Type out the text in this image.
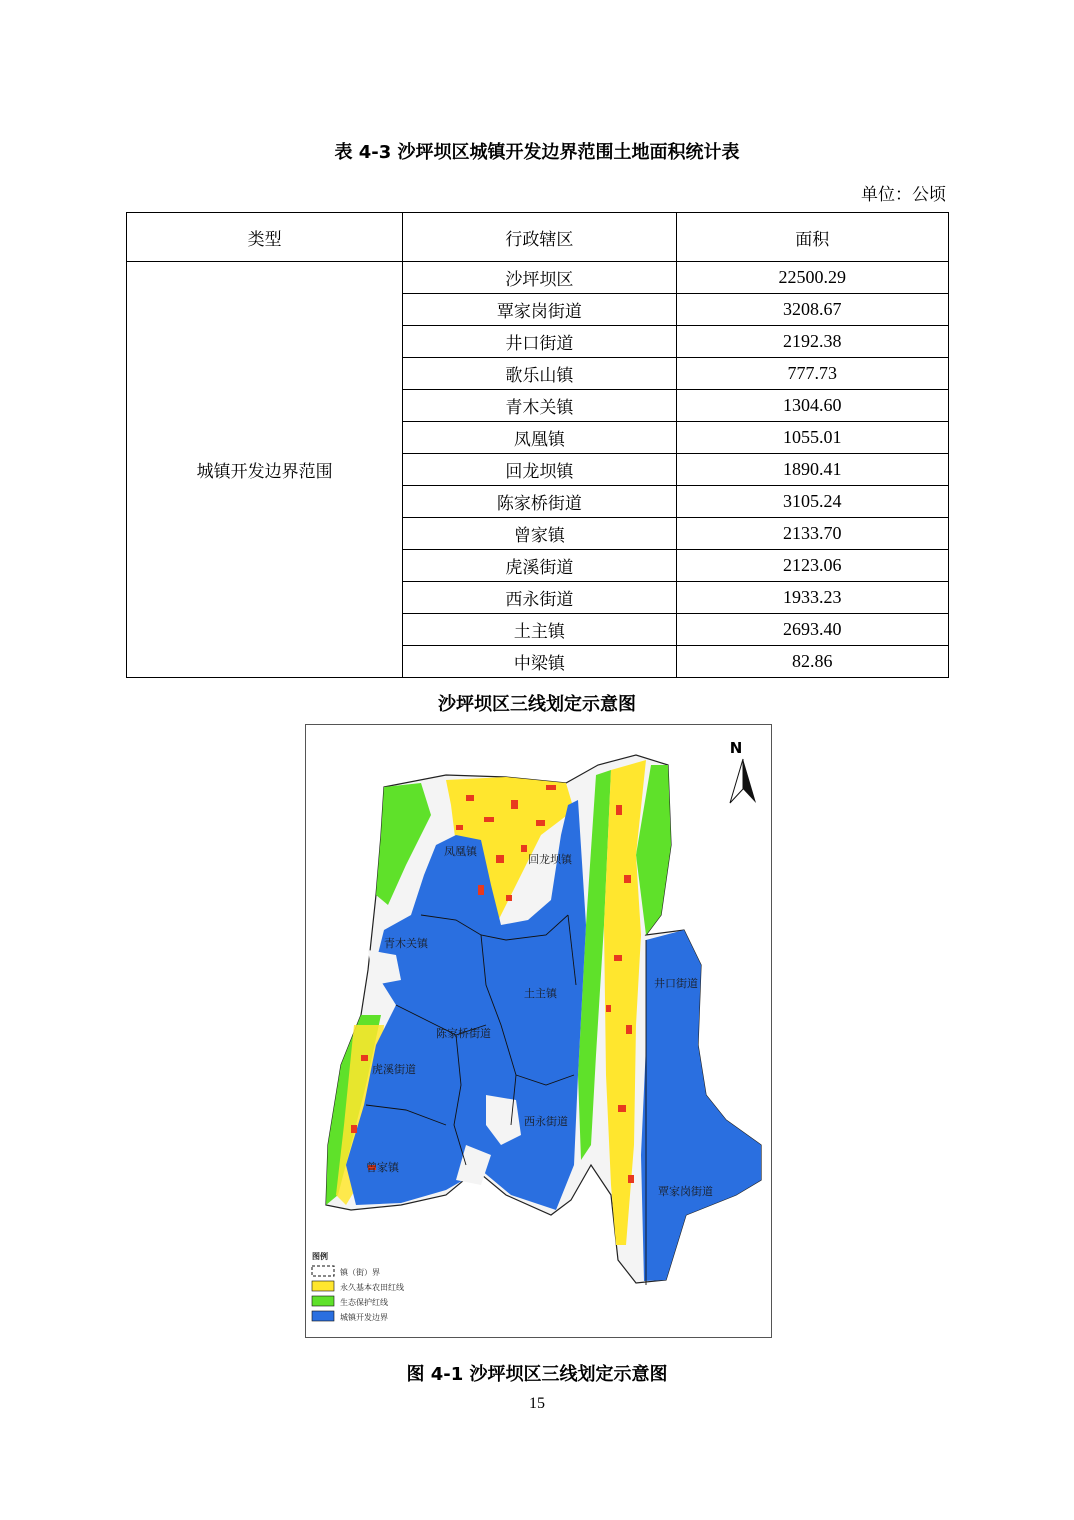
表 4-3 沙坪坝区城镇开发边界范围土地面积统计表
单位：公顷
类型	行政辖区	面积
城镇开发边界范围	沙坪坝区	22500.29
	覃家岗街道	3208.67
	井口街道	2192.38
	歌乐山镇	777.73
	青木关镇	1304.60
	凤凰镇	1055.01
	回龙坝镇	1890.41
	陈家桥街道	3105.24
	曾家镇	2133.70
	虎溪街道	2123.06
	西永街道	1933.23
	土主镇	2693.40
	中梁镇	82.86
沙坪坝区三线划定示意图
凤凰镇
回龙坝镇
青木关镇
土主镇
井口街道
陈家桥街道
虎溪街道
西永街道
曾家镇
覃家岗街道
N
图例
镇（街）界
永久基本农田红线
生态保护红线
城镇开发边界
图 4-1 沙坪坝区三线划定示意图
15
